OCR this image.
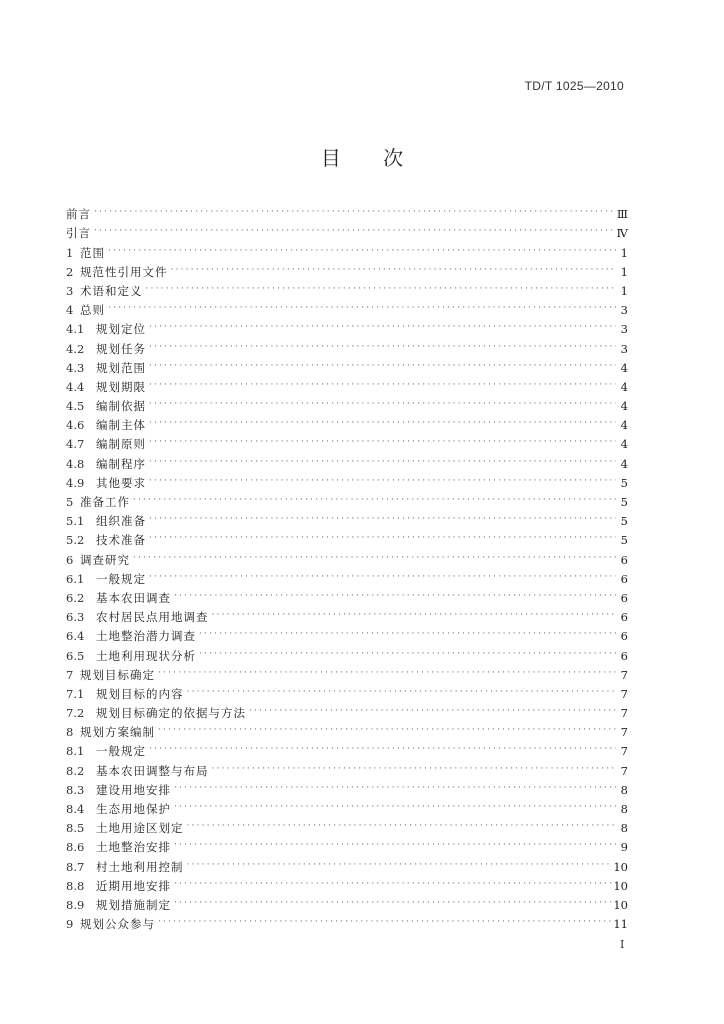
TD/T 1025—2010
目 次
前言 ·····	Ⅲ
引言 ·····	Ⅳ
1 范围 ·····	1
2 规范性引用文件 ·····	1
3 术语和定义 ·····	1
4 总则 ·····	3
4.1	规划定位 ·····	3
4.2	规划任务 ·····	3
4.3	规划范围 ·····	4
4.4	规划期限 ·····	4
4.5	编制依据 ·····	4
4.6	编制主体 ·····	4
4.7	编制原则 ·····	4
4.8	编制程序 ·····	4
4.9	其他要求 ·····	5
5 准备工作 ·····	5
5.1	组织准备 ·····	5
5.2	技术准备 ·····	5
6 调查研究 ·····	6
6.1	一般规定 ·····	6
6.2	基本农田调查 ·····	6
6.3	农村居民点用地调查 ·····	6
6.4	土地整治潜力调查 ·····	6
6.5	土地利用现状分析 ·····	6
7 规划目标确定 ·····	7
7.1	规划目标的内容 ·····	7
7.2	规划目标确定的依据与方法 ·····	7
8 规划方案编制 ·····	7
8.1	一般规定 ·····	7
8.2	基本农田调整与布局 ·····	7
8.3	建设用地安排 ·····	8
8.4	生态用地保护 ·····	8
8.5	土地用途区划定 ·····	8
8.6	土地整治安排 ·····	9
8.7	村土地利用控制 ·····	10
8.8	近期用地安排 ·····	10
8.9	规划措施制定 ·····	10
9 规划公众参与 ·····	11
I
